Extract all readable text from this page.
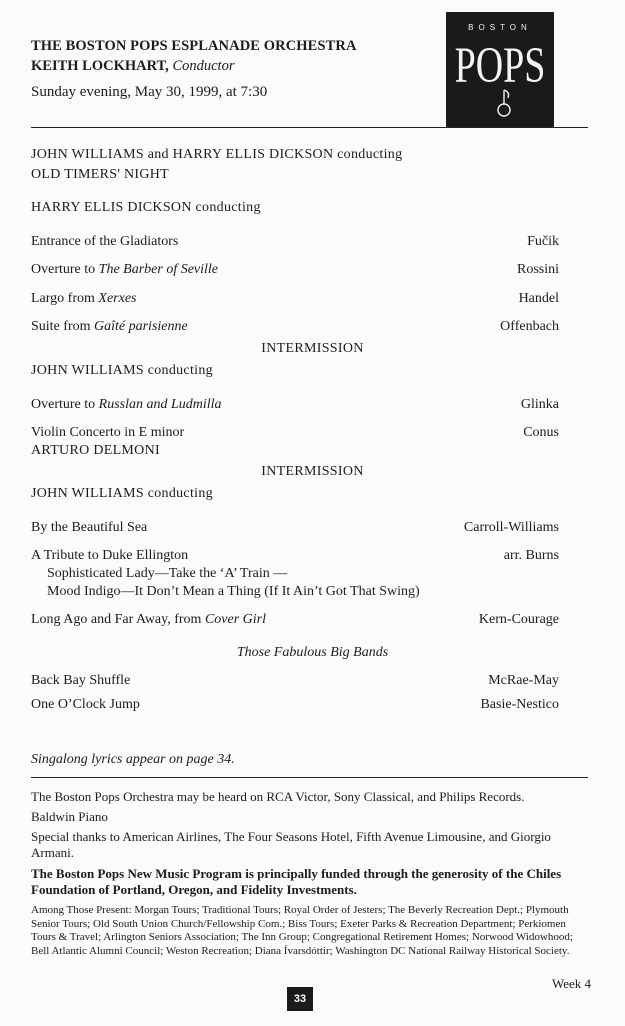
THE BOSTON POPS ESPLANADE ORCHESTRA
KEITH LOCKHART, Conductor
Sunday evening, May 30, 1999, at 7:30
BOSTON
POPS
JOHN WILLIAMS and HARRY ELLIS DICKSON conducting
OLD TIMERS' NIGHT
HARRY ELLIS DICKSON conducting
Entrance of the Gladiators	Fučik
Overture to The Barber of Seville	Rossini
Largo from Xerxes	Handel
Suite from Gaîté parisienne	Offenbach
INTERMISSION
JOHN WILLIAMS conducting
Overture to Russlan and Ludmilla	Glinka
Violin Concerto in E minor	Conus
ARTURO DELMONI
INTERMISSION
JOHN WILLIAMS conducting
By the Beautiful Sea	Carroll-Williams
A Tribute to Duke Ellington	arr. Burns
Sophisticated Lady—Take the ‘A’ Train —
Mood Indigo—It Don’t Mean a Thing (If It Ain’t Got That Swing)
Long Ago and Far Away, from Cover Girl	Kern-Courage
Those Fabulous Big Bands
Back Bay Shuffle	McRae-May
One O’Clock Jump	Basie-Nestico
Singalong lyrics appear on page 34.
The Boston Pops Orchestra may be heard on RCA Victor, Sony Classical, and Philips Records.
Baldwin Piano
Special thanks to American Airlines, The Four Seasons Hotel, Fifth Avenue Limousine, and Giorgio Armani.
The Boston Pops New Music Program is principally funded through the generosity of the Chiles Foundation of Portland, Oregon, and Fidelity Investments.
Among Those Present: Morgan Tours; Traditional Tours; Royal Order of Jesters; The Beverly Recreation Dept.; Plymouth Senior Tours; Old South Union Church/Fellowship Com.; Biss Tours; Exeter Parks & Recreation Department; Perkiomen Tours & Travel; Arlington Seniors Association; The Inn Group; Congregational Retirement Homes; Norwood Widowhood; Bell Atlantic Alumni Council; Weston Recreation; Diana Ívarsdóttir; Washington DC National Railway Historical Society.
Week 4
33
